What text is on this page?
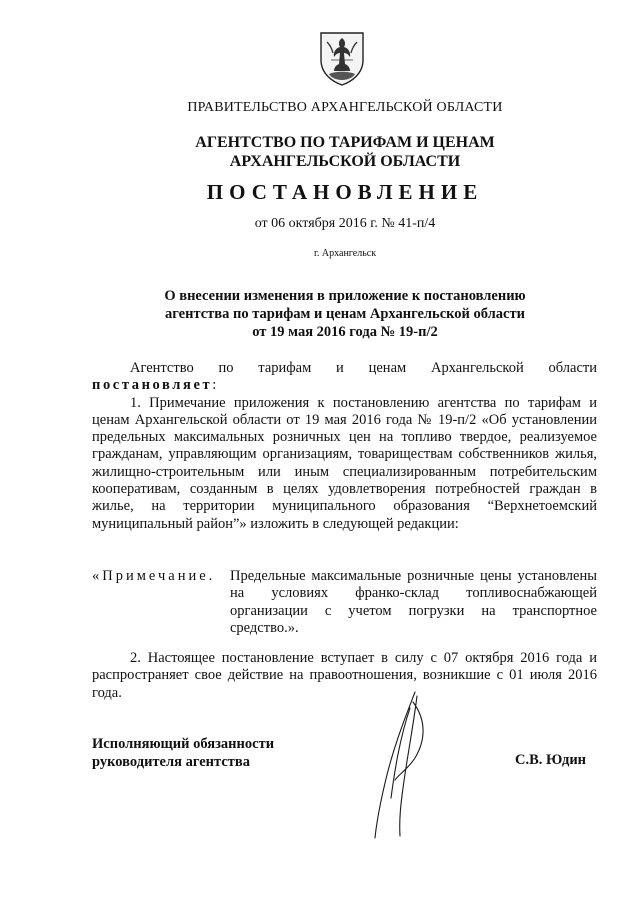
ПРАВИТЕЛЬСТВО АРХАНГЕЛЬСКОЙ ОБЛАСТИ
АГЕНТСТВО ПО ТАРИФАМ И ЦЕНАМ
АРХАНГЕЛЬСКОЙ ОБЛАСТИ
ПОСТАНОВЛЕНИЕ
от 06 октября 2016 г. № 41-п/4
г. Архангельск
О внесении изменения в приложение к постановлению
агентства по тарифам и ценам Архангельской области
от 19 мая 2016 года № 19-п/2
Агентство по тарифам и ценам Архангельской области
постановляет:
1. Примечание приложения к постановлению агентства по тарифам и ценам Архангельской области от 19 мая 2016 года № 19-п/2 «Об установлении предельных максимальных розничных цен на топливо твердое, реализуемое гражданам, управляющим организациям, товариществам собственников жилья, жилищно-строительным или иным специализированным потребительским кооперативам, созданным в целях удовлетворения потребностей граждан в жилье, на территории муниципального образования “Верхнетоемский муниципальный район”» изложить в следующей редакции:
«Примечание. Предельные максимальные розничные цены установлены на условиях франко-склад топливоснабжающей организации с учетом погрузки на транспортное средство.».
2. Настоящее постановление вступает в силу с 07 октября 2016 года и распространяет свое действие на правоотношения, возникшие с 01 июля 2016 года.
Исполняющий обязанности
руководителя агентства	С.В. Юдин
